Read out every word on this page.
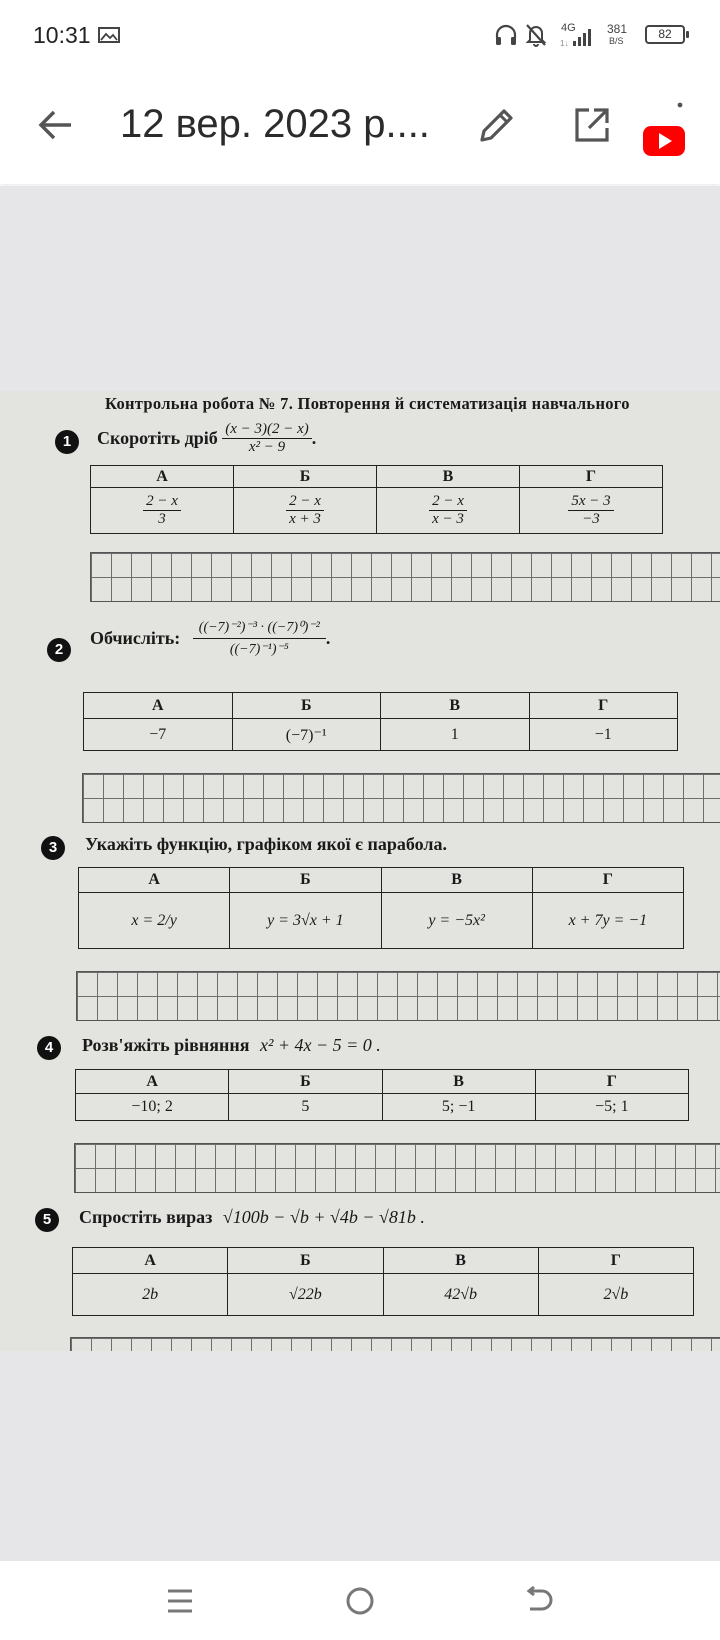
10:31	4G
1↓
381
B/S	82
12 вер. 2023 р....
Контрольна робота № 7. Повторення й систематизація навчального
1	Скоротіть дріб $\frac{(x - 3)(2 - x)}{\text{x² − 9}}$ .
А	Б	В	Г

$\frac{2 - x}{3}$	$\frac{2 - x}{x + 3}$	$\frac{2 - x}{x - 3}$	$\frac{5x - 3}{-3}$
2
Обчисліть: $\frac{\text{((−7)⁻²)⁻³ · ((−7)⁰)⁻²}}{\text{((−7)⁻¹)⁻⁵}}$ .
А	Б	В	Г
−7	(−7)⁻¹	1	−1
3	Укажіть функцію, графіком якої є парабола.
А	Б	В	Г
x = 2/y	y = 3√x + 1	y = −5x²	x + 7y = −1
4	Розв'яжіть рівняння x² + 4x − 5 = 0 .
А	Б	В	Г
−10; 2	5	5; −1	−5; 1
5	Спростіть вираз √100b − √b + √4b − √81b .
А	Б	В	Г
2b	√22b	42√b	2√b
